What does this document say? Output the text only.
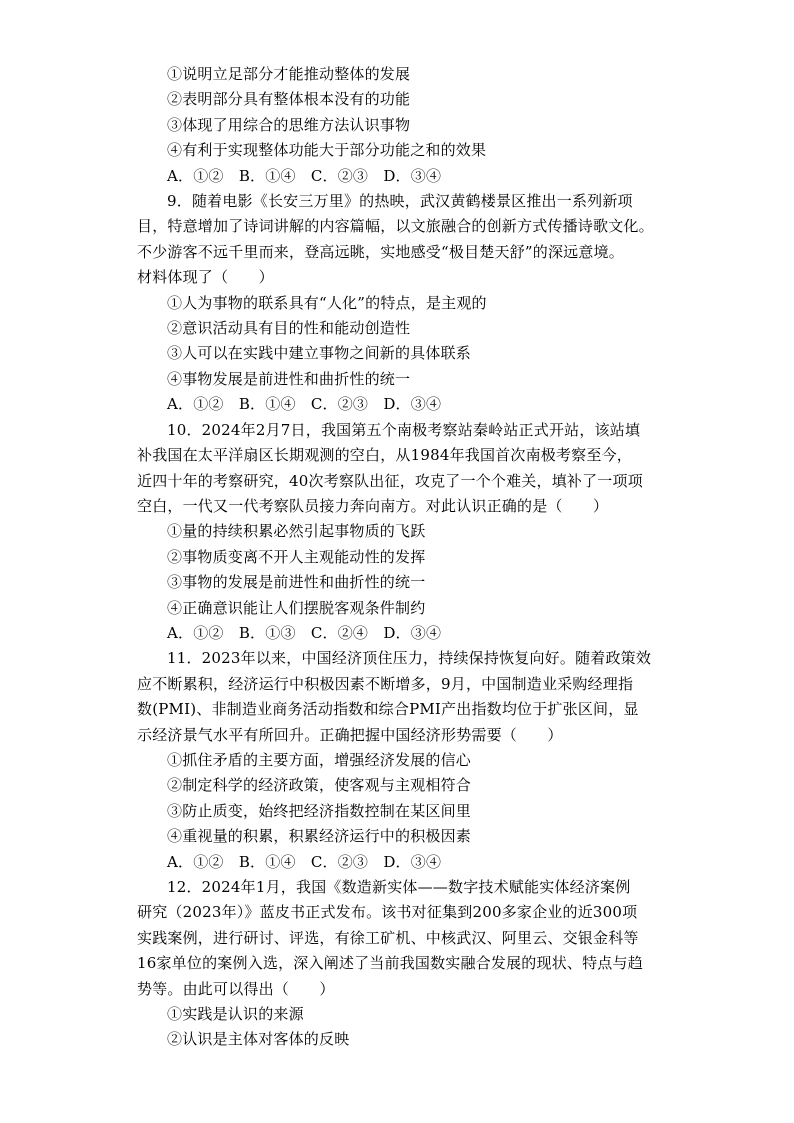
①说明立足部分才能推动整体的发展
②表明部分具有整体根本没有的功能
③体现了用综合的思维方法认识事物
④有利于实现整体功能大于部分功能之和的效果
A．①②　B．①④　C．②③　D．③④
9．随着电影《长安三万里》的热映，武汉黄鹤楼景区推出一系列新项
目，特意增加了诗词讲解的内容篇幅，以文旅融合的创新方式传播诗歌文化。
不少游客不远千里而来，登高远眺，实地感受“极目楚天舒”的深远意境。
材料体现了（　　）
①人为事物的联系具有“人化”的特点，是主观的
②意识活动具有目的性和能动创造性
③人可以在实践中建立事物之间新的具体联系
④事物发展是前进性和曲折性的统一
A．①②　B．①④　C．②③　D．③④
10．2024年2月7日，我国第五个南极考察站秦岭站正式开站，该站填
补我国在太平洋扇区长期观测的空白，从1984年我国首次南极考察至今，
近四十年的考察研究，40次考察队出征，攻克了一个个难关，填补了一项项
空白，一代又一代考察队员接力奔向南方。对此认识正确的是（　　）
①量的持续积累必然引起事物质的飞跃
②事物质变离不开人主观能动性的发挥
③事物的发展是前进性和曲折性的统一
④正确意识能让人们摆脱客观条件制约
A．①②　B．①③　C．②④　D．③④
11．2023年以来，中国经济顶住压力，持续保持恢复向好。随着政策效
应不断累积，经济运行中积极因素不断增多，9月，中国制造业采购经理指
数(PMI)、非制造业商务活动指数和综合PMI产出指数均位于扩张区间，显
示经济景气水平有所回升。正确把握中国经济形势需要（　　）
①抓住矛盾的主要方面，增强经济发展的信心
②制定科学的经济政策，使客观与主观相符合
③防止质变，始终把经济指数控制在某区间里
④重视量的积累，积累经济运行中的积极因素
A．①②　B．①④　C．②③　D．③④
12．2024年1月，我国《数造新实体——数字技术赋能实体经济案例
研究（2023年）》蓝皮书正式发布。该书对征集到200多家企业的近300项
实践案例，进行研讨、评选，有徐工矿机、中核武汉、阿里云、交银金科等
16家单位的案例入选，深入阐述了当前我国数实融合发展的现状、特点与趋
势等。由此可以得出（　　）
①实践是认识的来源
②认识是主体对客体的反映
